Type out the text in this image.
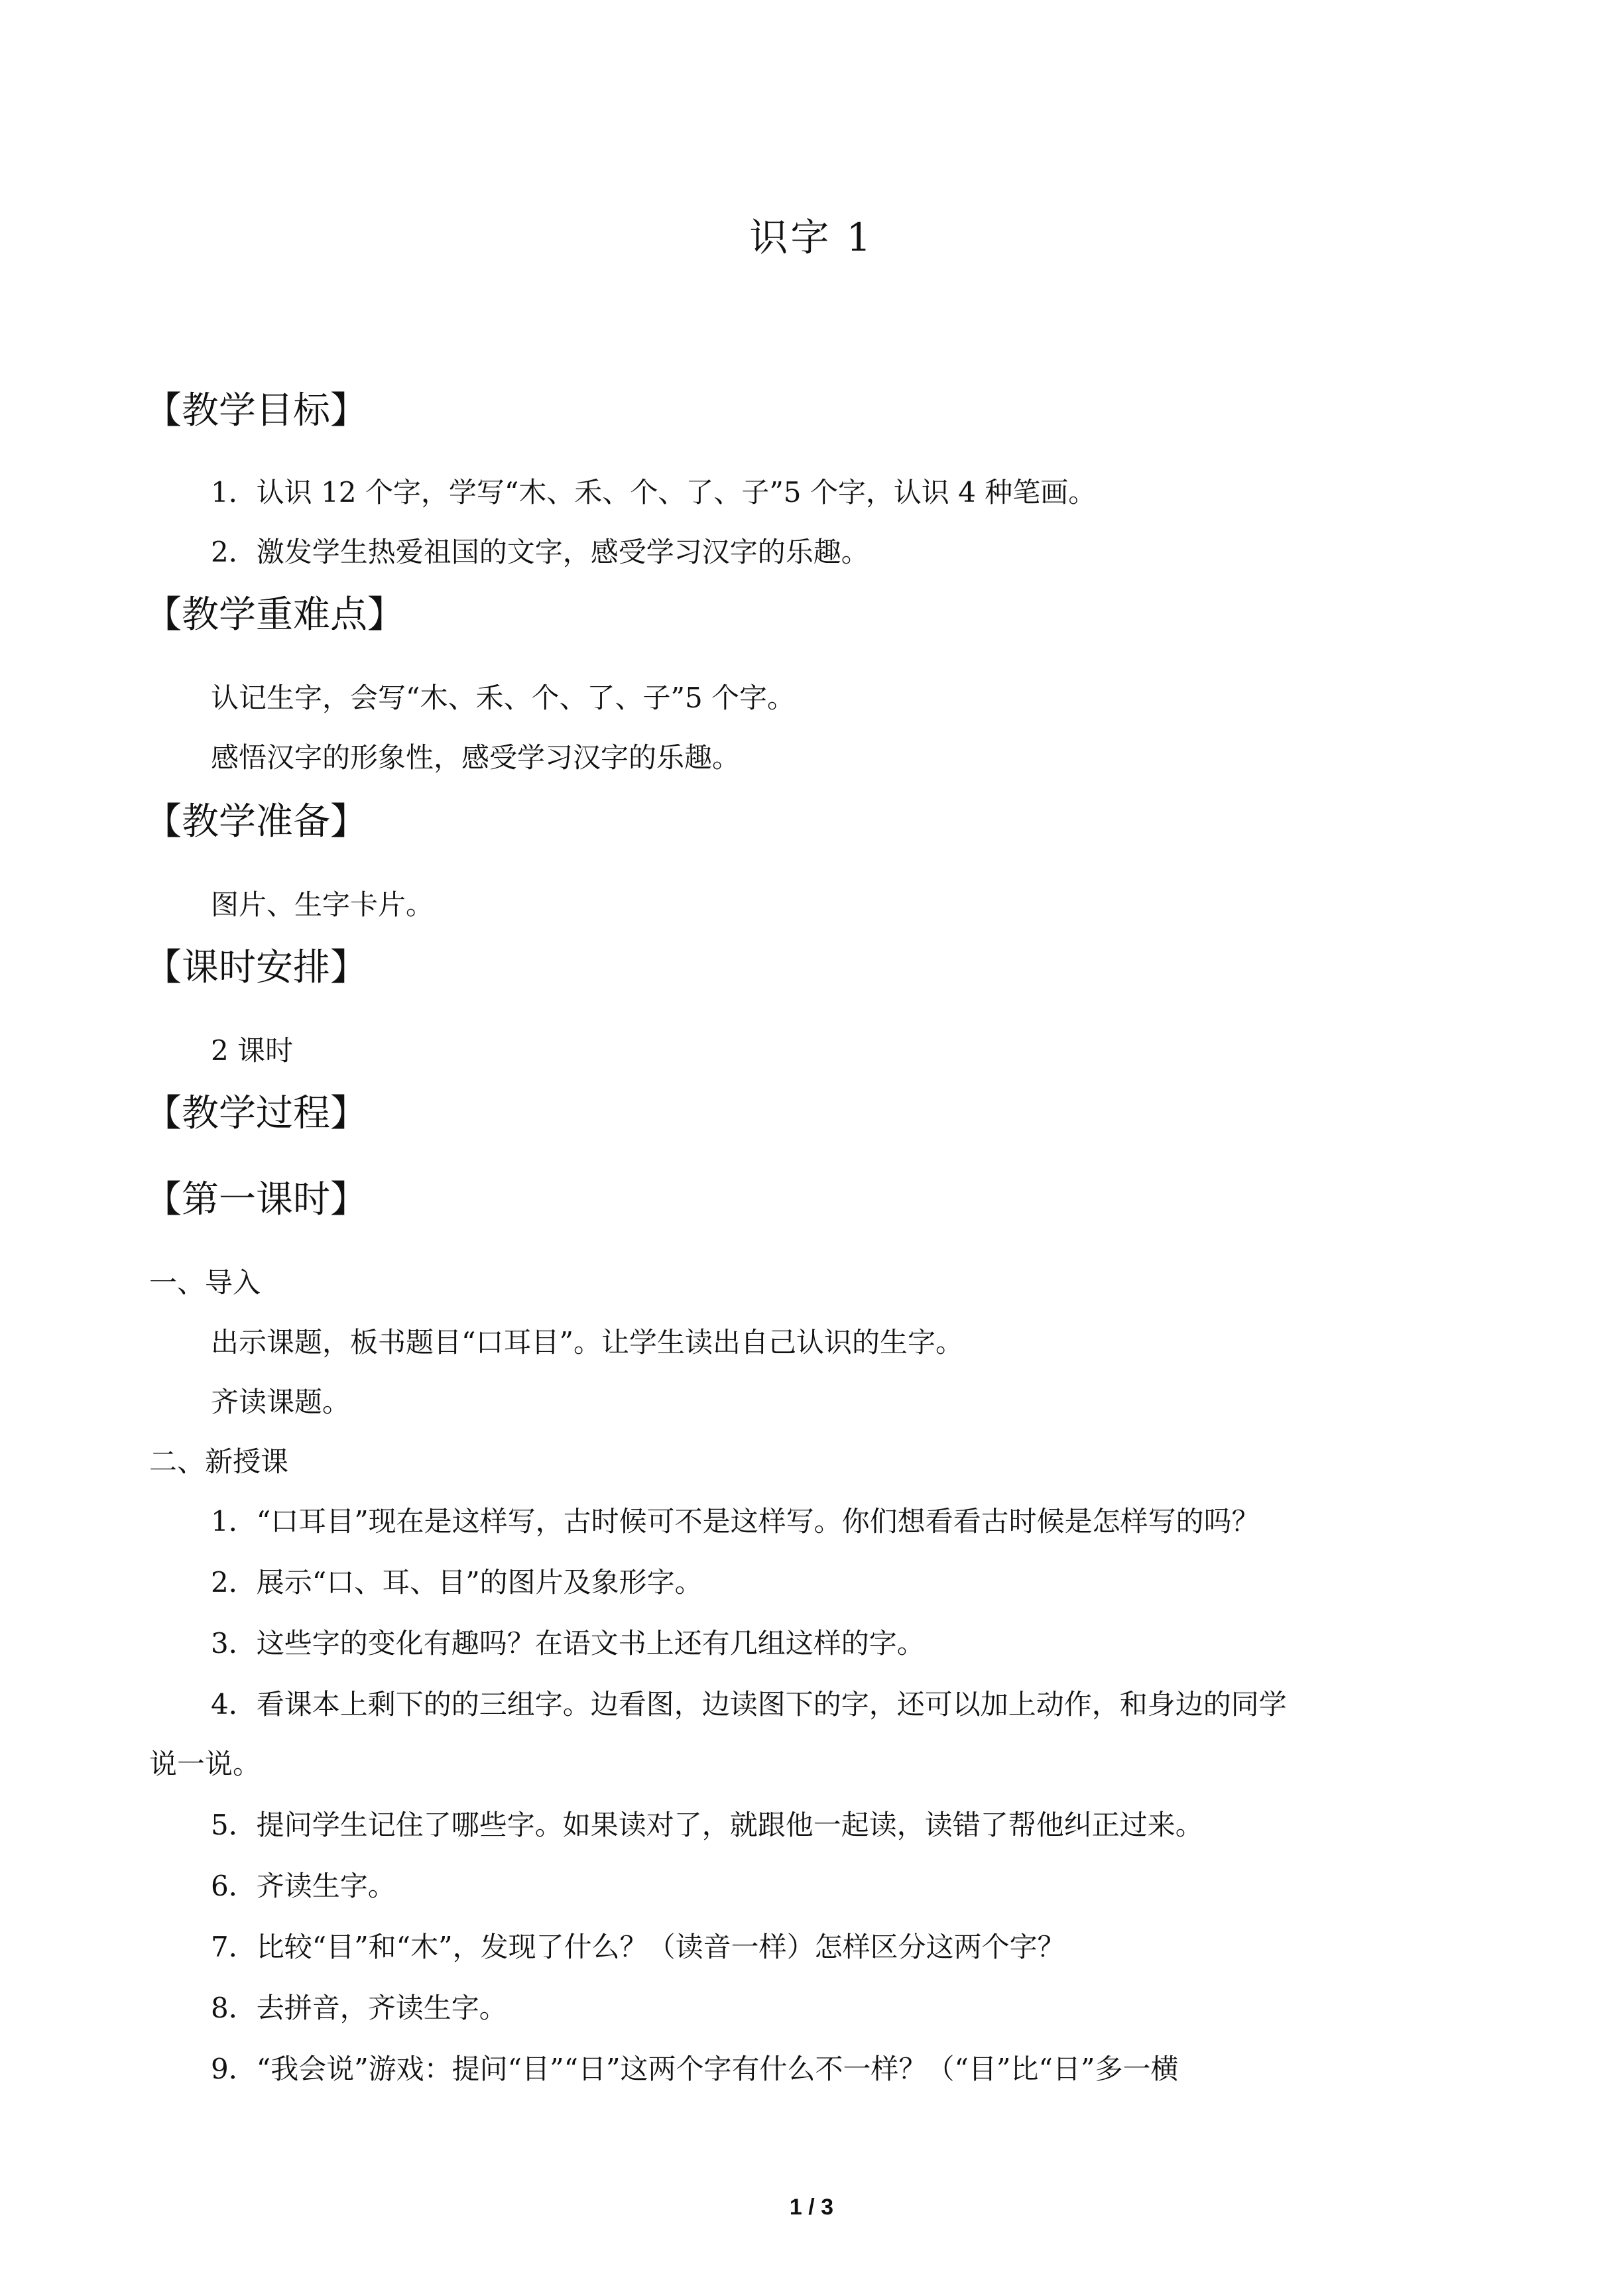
识字 1
【教学目标】
1．认识 12 个字，学写“木、禾、个、了、子”5 个字，认识 4 种笔画。
2．激发学生热爱祖国的文字，感受学习汉字的乐趣。
【教学重难点】
认记生字，会写“木、禾、个、了、子”5 个字。
感悟汉字的形象性，感受学习汉字的乐趣。
【教学准备】
图片、生字卡片。
【课时安排】
2 课时
【教学过程】
【第一课时】
一、导入
出示课题，板书题目“口耳目”。让学生读出自己认识的生字。
齐读课题。
二、新授课
1．“口耳目”现在是这样写，古时候可不是这样写。你们想看看古时候是怎样写的吗？
2．展示“口、耳、目”的图片及象形字。
3．这些字的变化有趣吗？在语文书上还有几组这样的字。
4．看课本上剩下的的三组字。边看图，边读图下的字，还可以加上动作，和身边的同学
说一说。
5．提问学生记住了哪些字。如果读对了，就跟他一起读，读错了帮他纠正过来。
6．齐读生字。
7．比较“目”和“木”，发现了什么？（读音一样）怎样区分这两个字？
8．去拼音，齐读生字。
9．“我会说”游戏：提问“目”“日”这两个字有什么不一样？（“目”比“日”多一横
1 / 3
